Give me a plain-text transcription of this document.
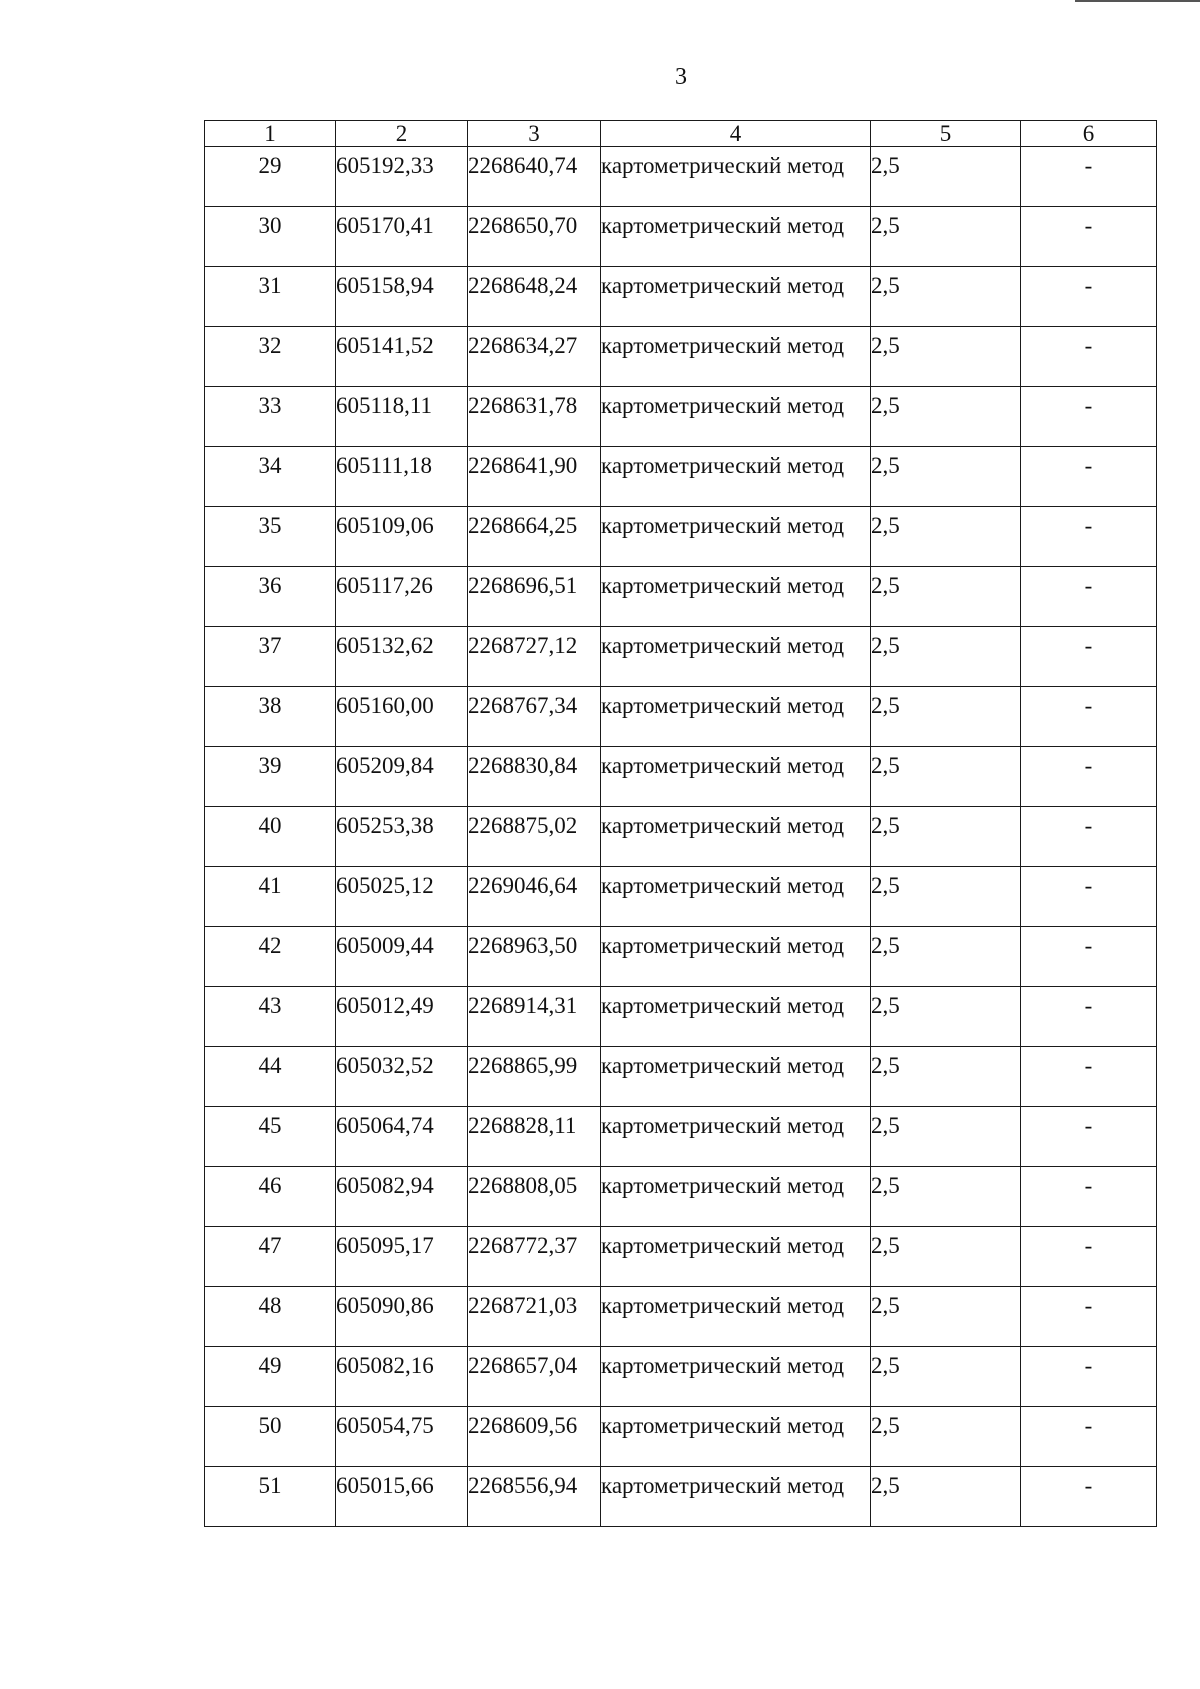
3
1	2	3	4	5	6
29	605192,33	2268640,74	картометрический метод	2,5	-
30	605170,41	2268650,70	картометрический метод	2,5	-
31	605158,94	2268648,24	картометрический метод	2,5	-
32	605141,52	2268634,27	картометрический метод	2,5	-
33	605118,11	2268631,78	картометрический метод	2,5	-
34	605111,18	2268641,90	картометрический метод	2,5	-
35	605109,06	2268664,25	картометрический метод	2,5	-
36	605117,26	2268696,51	картометрический метод	2,5	-
37	605132,62	2268727,12	картометрический метод	2,5	-
38	605160,00	2268767,34	картометрический метод	2,5	-
39	605209,84	2268830,84	картометрический метод	2,5	-
40	605253,38	2268875,02	картометрический метод	2,5	-
41	605025,12	2269046,64	картометрический метод	2,5	-
42	605009,44	2268963,50	картометрический метод	2,5	-
43	605012,49	2268914,31	картометрический метод	2,5	-
44	605032,52	2268865,99	картометрический метод	2,5	-
45	605064,74	2268828,11	картометрический метод	2,5	-
46	605082,94	2268808,05	картометрический метод	2,5	-
47	605095,17	2268772,37	картометрический метод	2,5	-
48	605090,86	2268721,03	картометрический метод	2,5	-
49	605082,16	2268657,04	картометрический метод	2,5	-
50	605054,75	2268609,56	картометрический метод	2,5	-
51	605015,66	2268556,94	картометрический метод	2,5	-
